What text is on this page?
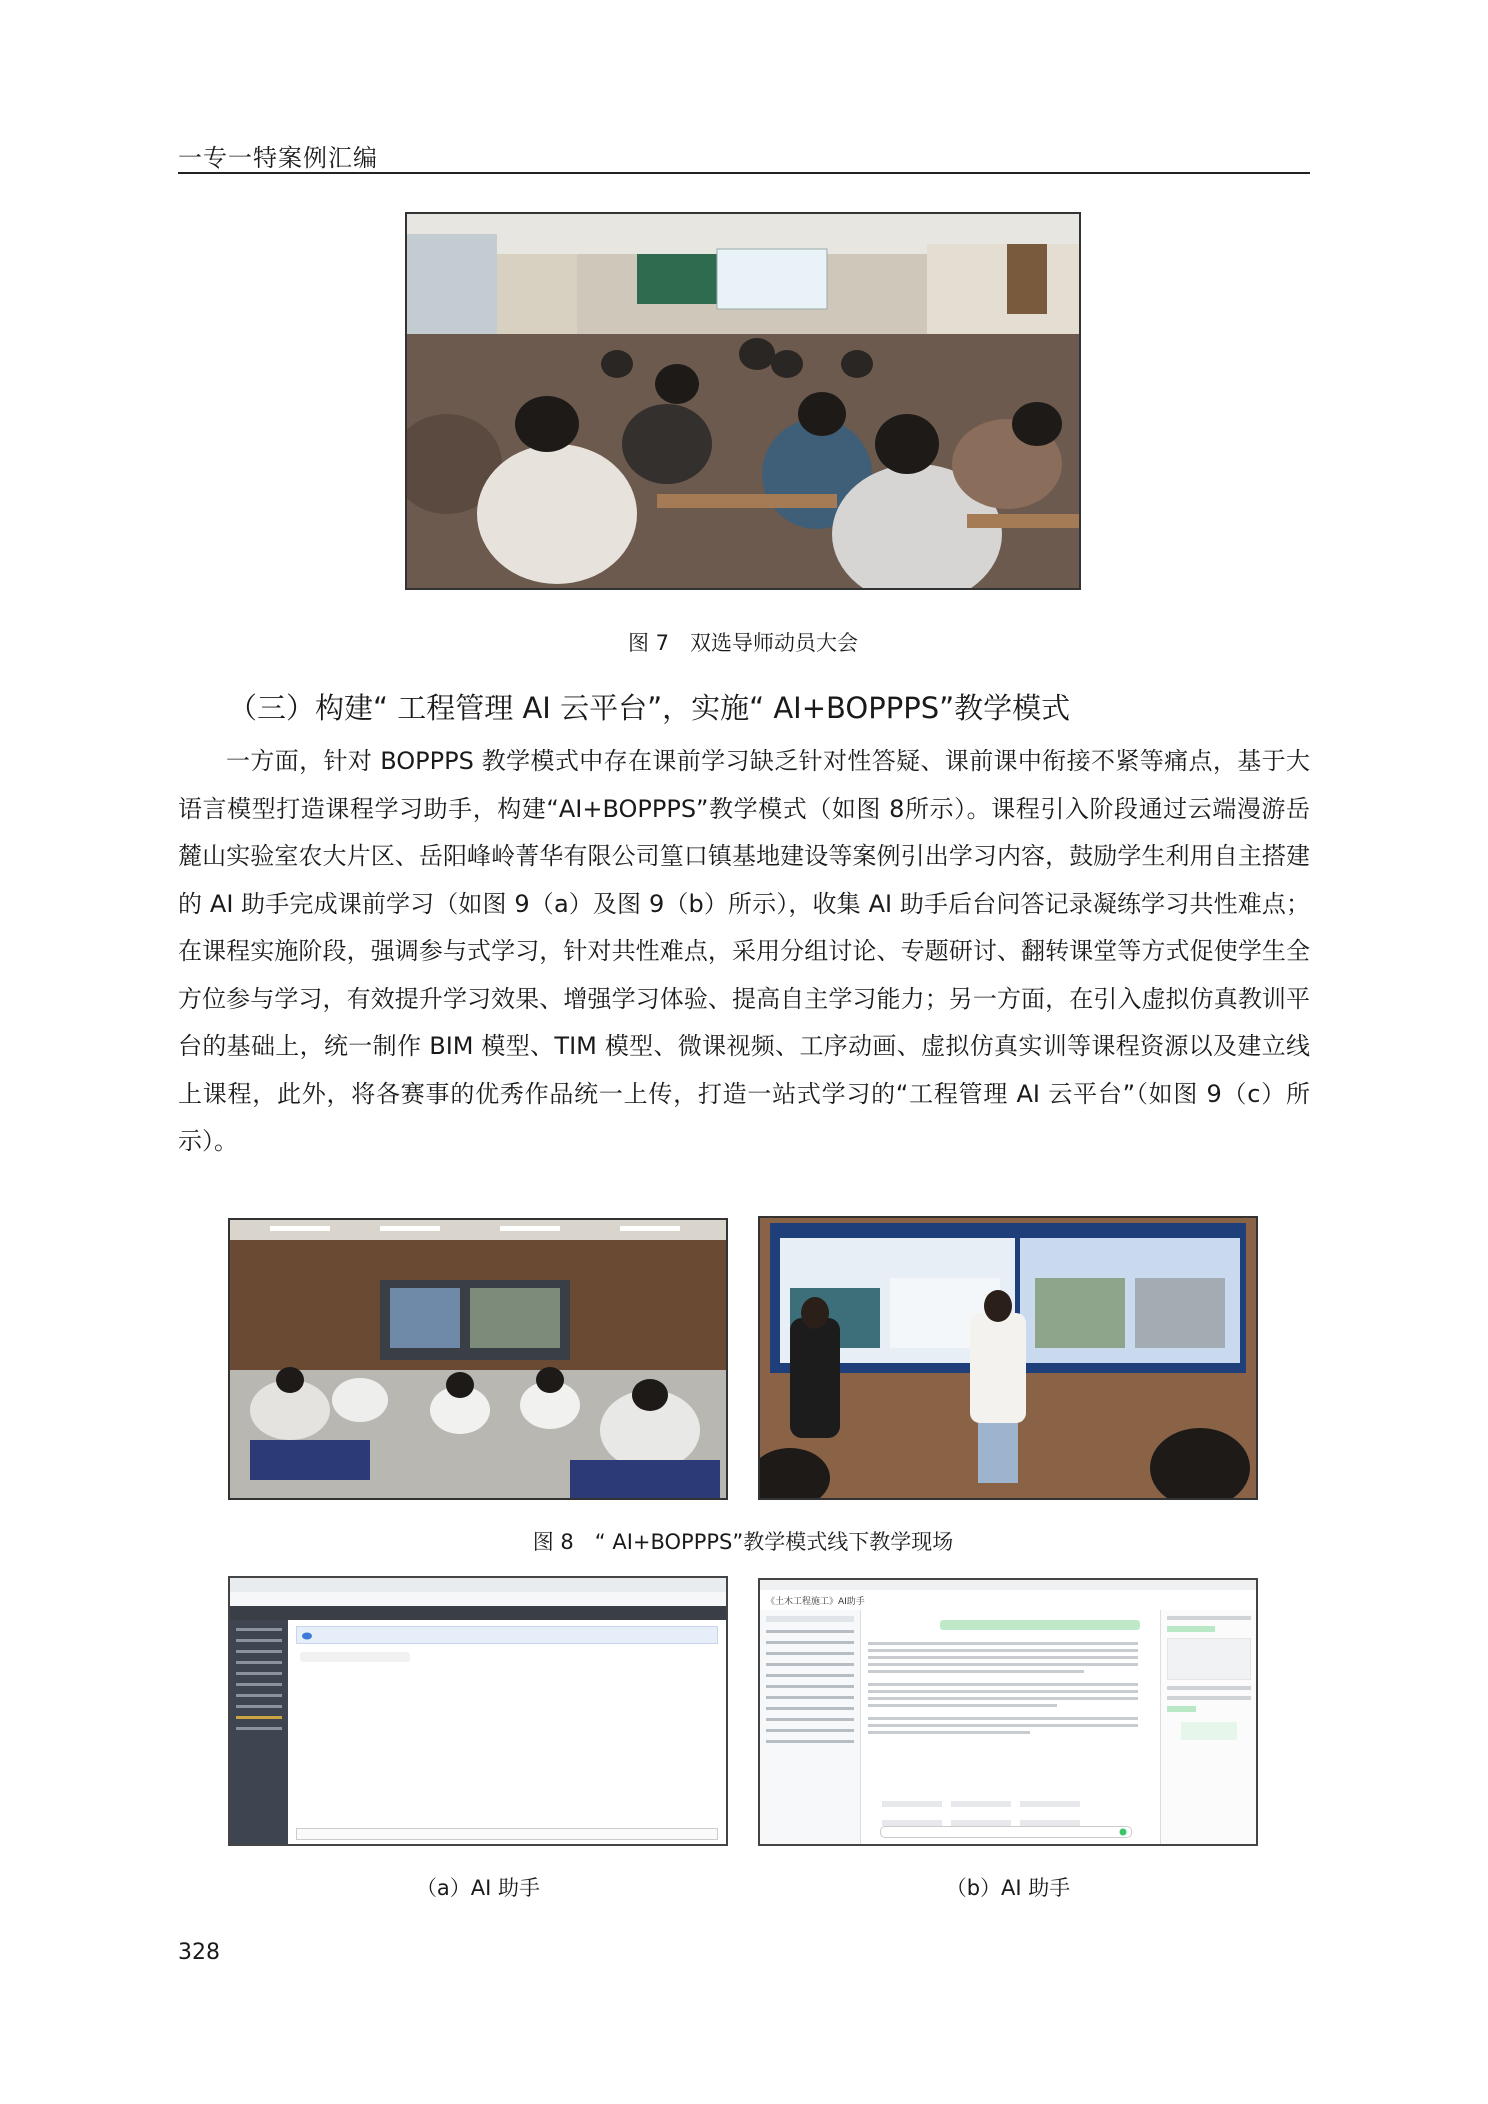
一专一特案例汇编
图 7　双选导师动员大会
（三）构建“ 工程管理 AI 云平台”，实施“ AI+BOPPPS”教学模式

一方面，针对 BOPPPS 教学模式中存在课前学习缺乏针对性答疑、课前课中衔接不紧等痛点，基于大语言模型打造课程学习助手，构建“AI+BOPPPS”教学模式（如图 8所示）。课程引入阶段通过云端漫游岳麓山实验室农大片区、岳阳峰岭菁华有限公司篁口镇基地建设等案例引出学习内容，鼓励学生利用自主搭建的 AI 助手完成课前学习（如图 9（a）及图 9（b）所示），收集 AI 助手后台问答记录凝练学习共性难点；在课程实施阶段，强调参与式学习，针对共性难点，采用分组讨论、专题研讨、翻转课堂等方式促使学生全方位参与学习，有效提升学习效果、增强学习体验、提高自主学习能力；另一方面，在引入虚拟仿真教训平台的基础上，统一制作 BIM 模型、TIM 模型、微课视频、工序动画、虚拟仿真实训等课程资源以及建立线上课程，此外，将各赛事的优秀作品统一上传，打造一站式学习的“工程管理 AI 云平台”（如图 9（c）所示）。

图 8　“ AI+BOPPPS”教学模式线下教学现场
《土木工程施工》AI助手

（a）AI 助手	（b）AI 助手
328
